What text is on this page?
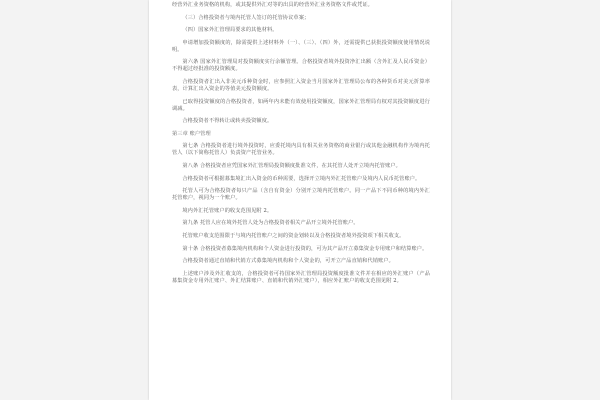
经营外汇业务资格的机构，或其提供外汇对等的出具的经营外汇业务资格文件或凭证。

（三）合格投资者与境内托管人签订的托管协议草案；

（四）国家外汇管理局要求的其他材料。

申请增加投资额度的，除需提供上述材料外（一）、（三）、（四）外，还需提供已获批投资额度使用情况说明。

第六条 国家外汇管理局对投资额度实行余额管理。合格投资者境外投资净汇出额（含外汇及人民币资金）不得超过经批准的投资额度。

合格投资者汇出入非美元币种资金时，应参照汇入资金当月国家外汇管理局公布的各种货币对美元折算率表，计算汇出入资金的等值美元投资额度。

已取得投资额度的合格投资者，如两年内未能有效使用投资额度，国家外汇管理局有权对其投资额度进行调减。

合格投资者不得转让或转卖投资额度。

第三章 账户管理

第七条 合格投资者进行境外投资时，应委托境内具有相关业务资格的商业银行或其他金融机构作为境内托管人（以下简称托管人）负责资产托管业务。

第八条 合格投资者应凭国家外汇管理局投资额度批准文件，在其托管人处开立境内托管账户。

合格投资者可根据募集境汇出入资金的币种需要，选择开立境内外汇托管账户及境内人民币托管账户。

托管人可为合格投资者每只产品（含自有资金）分别开立境内托管账户。同一产品下不同币种的境内外汇托管账户，视同为一个账户。

境内外汇托管账户的收支范围见附 2。

第九条 托管人应在境外托管人处为合格投资者相关产品开立境外托管账户。

托管账户收支范围限于与境内托管账户之间的资金划转以及合格投资者境外投资项下相关收支。

第十条 合格投资者募集境内机构和个人资金进行投资的，可为其产品开立募集资金专用账户和结算账户。

合格投资者通过直销和代销方式募集境内机构和个人资金的，可开立产品直销和代销账户。

上述账户涉及外汇收支的，合格投资者可持国家外汇管理局投资额度批准文件并在相应的外汇账户（产品募集资金专用外汇账户、外汇结算账户、直销和代销外汇账户），相应外汇账户的收支范围见附 2。
